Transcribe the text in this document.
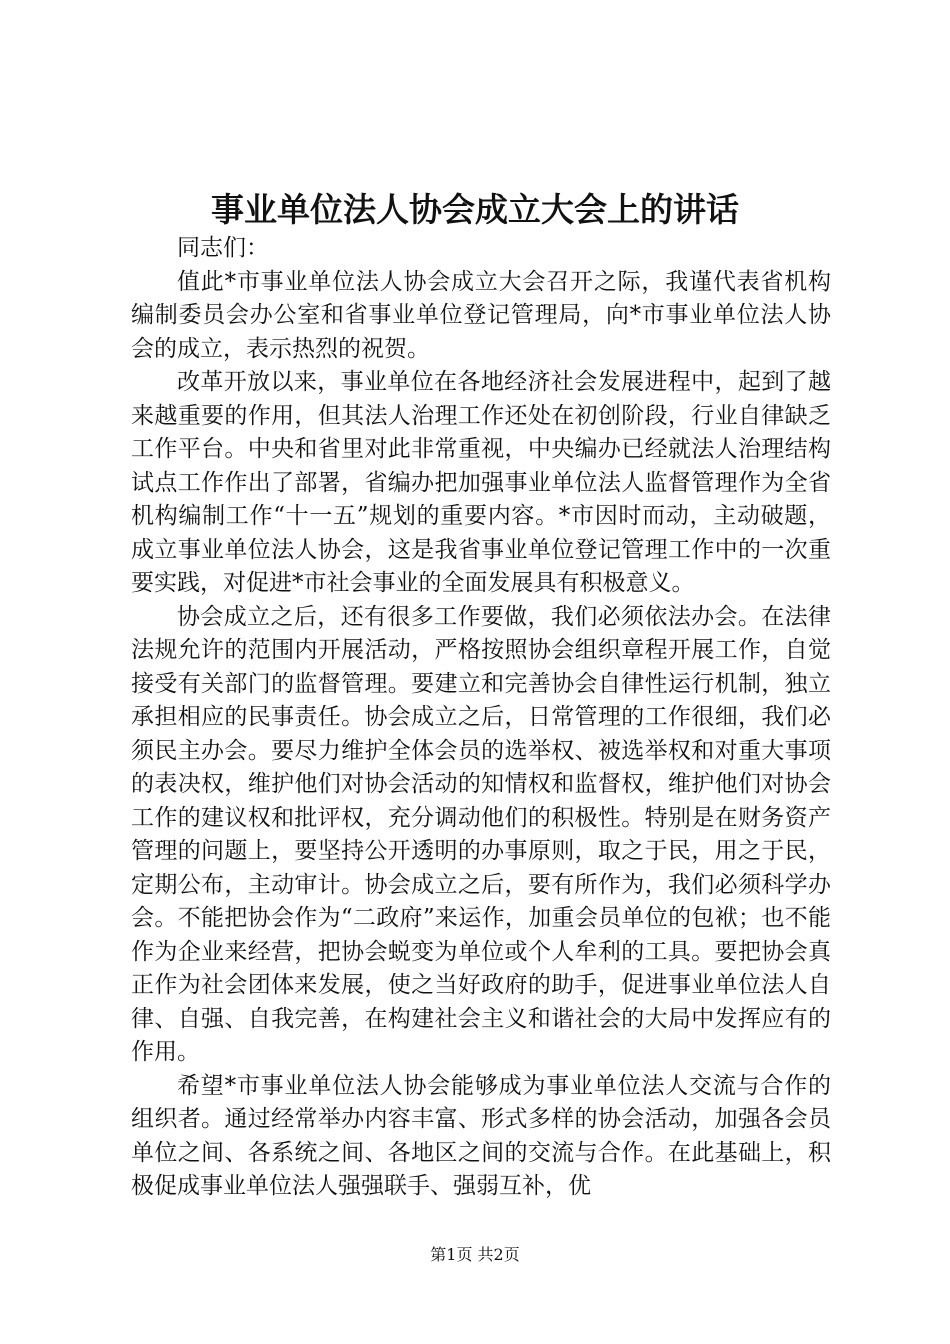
事业单位法人协会成立大会上的讲话

同志们：

值此*市事业单位法人协会成立大会召开之际，我谨代表省机构编制委员会办公室和省事业单位登记管理局，向*市事业单位法人协会的成立，表示热烈的祝贺。

改革开放以来，事业单位在各地经济社会发展进程中，起到了越来越重要的作用，但其法人治理工作还处在初创阶段，行业自律缺乏工作平台。中央和省里对此非常重视，中央编办已经就法人治理结构试点工作作出了部署，省编办把加强事业单位法人监督管理作为全省机构编制工作“十一五”规划的重要内容。*市因时而动，主动破题，成立事业单位法人协会，这是我省事业单位登记管理工作中的一次重要实践，对促进*市社会事业的全面发展具有积极意义。

协会成立之后，还有很多工作要做，我们必须依法办会。在法律法规允许的范围内开展活动，严格按照协会组织章程开展工作，自觉接受有关部门的监督管理。要建立和完善协会自律性运行机制，独立承担相应的民事责任。协会成立之后，日常管理的工作很细，我们必须民主办会。要尽力维护全体会员的选举权、被选举权和对重大事项的表决权，维护他们对协会活动的知情权和监督权，维护他们对协会工作的建议权和批评权，充分调动他们的积极性。特别是在财务资产管理的问题上，要坚持公开透明的办事原则，取之于民，用之于民，定期公布，主动审计。协会成立之后，要有所作为，我们必须科学办会。不能把协会作为“二政府”来运作，加重会员单位的包袱；也不能作为企业来经营，把协会蜕变为单位或个人牟利的工具。要把协会真正作为社会团体来发展，使之当好政府的助手，促进事业单位法人自律、自强、自我完善，在构建社会主义和谐社会的大局中发挥应有的作用。

希望*市事业单位法人协会能够成为事业单位法人交流与合作的组织者。通过经常举办内容丰富、形式多样的协会活动，加强各会员单位之间、各系统之间、各地区之间的交流与合作。在此基础上，积极促成事业单位法人强强联手、强弱互补，优

第1页 共2页
